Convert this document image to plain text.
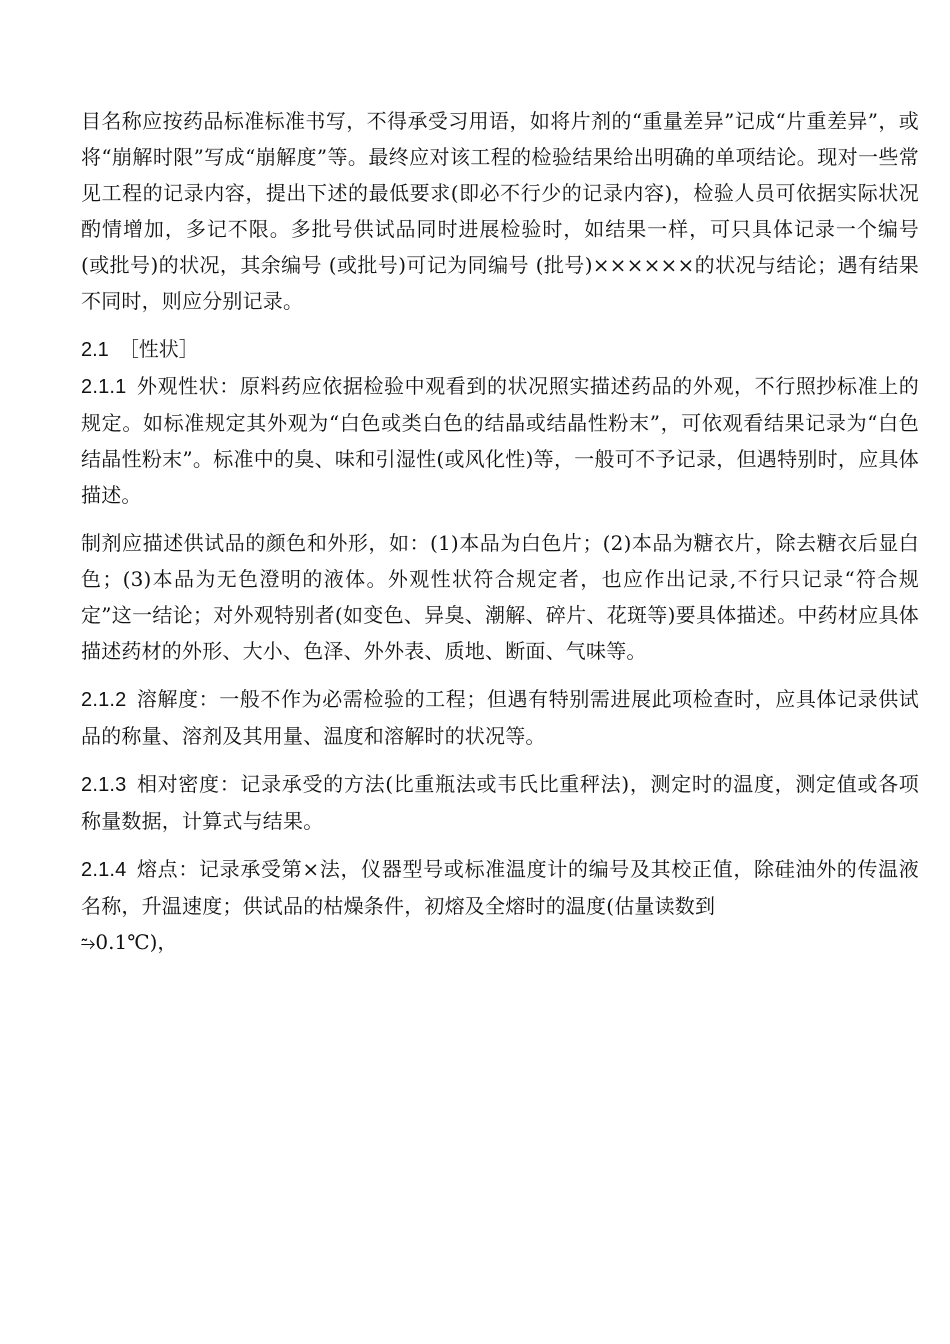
目名称应按药品标准标准书写，不得承受习用语，如将片剂的“重量差异”记成“片重差异”，或将“崩解时限”写成“崩解度”等。最终应对该工程的检验结果给出明确的单项结论。现对一些常见工程的记录内容，提出下述的最低要求(即必不行少的记录内容)，检验人员可依据实际状况酌情增加，多记不限。多批号供试品同时进展检验时，如结果一样，可只具体记录一个编号 (或批号)的状况，其余编号 (或批号)可记为同编号 (批号)××××××的状况与结论；遇有结果不同时，则应分别记录。

2.1 ［性状］

2.1.1 外观性状：原料药应依据检验中观看到的状况照实描述药品的外观，不行照抄标准上的规定。如标准规定其外观为“白色或类白色的结晶或结晶性粉末”，可依观看结果记录为“白色结晶性粉末”。标准中的臭、味和引湿性(或风化性)等，一般可不予记录，但遇特别时，应具体描述。

制剂应描述供试品的颜色和外形，如：(1)本品为白色片；(2)本品为糖衣片，除去糖衣后显白色；(3)本品为无色澄明的液体。外观性状符合规定者，也应作出记录,不行只记录“符合规定”这一结论；对外观特别者(如变色、异臭、潮解、碎片、花斑等)要具体描述。中药材应具体描述药材的外形、大小、色泽、外外表、质地、断面、气味等。

2.1.2 溶解度：一般不作为必需检验的工程；但遇有特别需进展此项检查时，应具体记录供试品的称量、溶剂及其用量、温度和溶解时的状况等。

2.1.3 相对密度：记录承受的方法(比重瓶法或韦氏比重秤法)，测定时的温度，测定值或各项称量数据，计算式与结果。

2.1.4 熔点：记录承受第×法，仪器型号或标准温度计的编号及其校正值，除硅油外的传温液名称，升温速度；供试品的枯燥条件，初熔及全熔时的温度(估量读数到

⥲0.1℃)，
